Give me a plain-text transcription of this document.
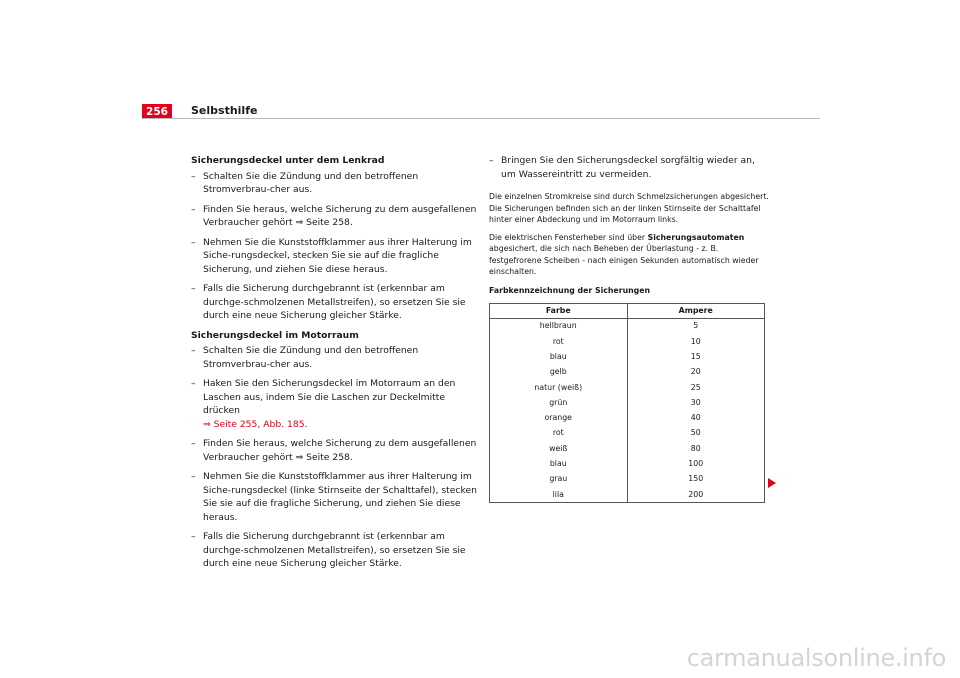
256 Selbsthilfe

Sicherungsdeckel unter dem Lenkrad

– Schalten Sie die Zündung und den betroffenen Stromverbrau-cher aus.
– Finden Sie heraus, welche Sicherung zu dem ausgefallenen Verbraucher gehört ⇒ Seite 258.
– Nehmen Sie die Kunststoffklammer aus ihrer Halterung im Siche-rungsdeckel, stecken Sie sie auf die fragliche Sicherung, und ziehen Sie diese heraus.
– Falls die Sicherung durchgebrannt ist (erkennbar am durchge-schmolzenen Metallstreifen), so ersetzen Sie sie durch eine neue Sicherung gleicher Stärke.

Sicherungsdeckel im Motorraum

– Schalten Sie die Zündung und den betroffenen Stromverbrau-cher aus.
– Haken Sie den Sicherungsdeckel im Motorraum an den Laschen aus, indem Sie die Laschen zur Deckelmitte drücken
⇒ Seite 255, Abb. 185.
– Finden Sie heraus, welche Sicherung zu dem ausgefallenen Verbraucher gehört ⇒ Seite 258.
– Nehmen Sie die Kunststoffklammer aus ihrer Halterung im Siche-rungsdeckel (linke Stirnseite der Schalttafel), stecken Sie sie auf die fragliche Sicherung, und ziehen Sie diese heraus.
– Falls die Sicherung durchgebrannt ist (erkennbar am durchge-schmolzenen Metallstreifen), so ersetzen Sie sie durch eine neue Sicherung gleicher Stärke.
– Bringen Sie den Sicherungsdeckel sorgfältig wieder an, um Wassereintritt zu vermeiden.

Die einzelnen Stromkreise sind durch Schmelzsicherungen abgesichert. Die Sicherungen befinden sich an der linken Stirnseite der Schalttafel hinter einer Abdeckung und im Motorraum links.

Die elektrischen Fensterheber sind über Sicherungsautomaten abgesichert, die sich nach Beheben der Überlastung - z. B. festgefrorene Scheiben - nach einigen Sekunden automatisch wieder einschalten.

Farbkennzeichnung der Sicherungen

Farbe	Ampere
hellbraun	5
rot	10
blau	15
gelb	20
natur (weiß)	25
grün	30
orange	40
rot	50
weiß	80
blau	100
grau	150
lila	200
carmanualsonline.info
